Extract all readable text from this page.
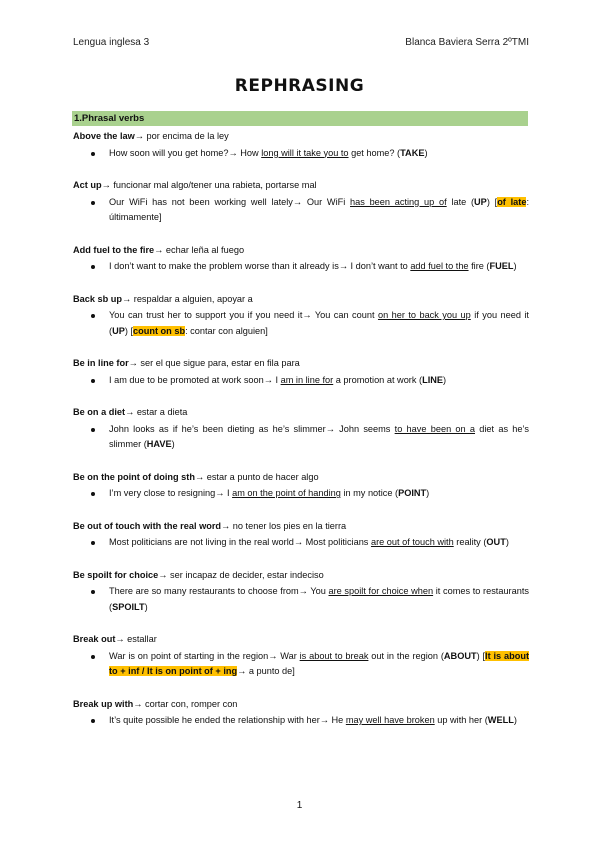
Lengua inglesa 3	Blanca Baviera Serra 2ºTMI
REPHRASING
1.Phrasal verbs
Above the law→ por encima de la ley
How soon will you get home?→ How long will it take you to get home? (TAKE)
Act up→ funcionar mal algo/tener una rabieta, portarse mal
Our WiFi has not been working well lately→ Our WiFi has been acting up of late (UP) [of late: últimamente]
Add fuel to the fire→ echar leña al fuego
I don’t want to make the problem worse than it already is→ I don’t want to add fuel to the fire (FUEL)
Back sb up→ respaldar a alguien, apoyar a
You can trust her to support you if you need it→ You can count on her to back you up if you need it (UP) [count on sb: contar con alguien]
Be in line for→ ser el que sigue para, estar en fila para
I am due to be promoted at work soon→ I am in line for a promotion at work (LINE)
Be on a diet→ estar a dieta
John looks as if he’s been dieting as he’s slimmer→ John seems to have been on a diet as he’s slimmer (HAVE)
Be on the point of doing sth→ estar a punto de hacer algo
I’m very close to resigning→ I am on the point of handing in my notice (POINT)
Be out of touch with the real word→ no tener los pies en la tierra
Most politicians are not living in the real world→ Most politicians are out of touch with reality (OUT)
Be spoilt for choice→ ser incapaz de decider, estar indeciso
There are so many restaurants to choose from→ You are spoilt for choice when it comes to restaurants (SPOILT)
Break out→ estallar
War is on point of starting in the region→ War is about to break out in the region (ABOUT) [It is about to + inf / It is on point of + ing→ a punto de]
Break up with→ cortar con, romper con
It’s quite possible he ended the relationship with her→ He may well have broken up with her (WELL)
1
